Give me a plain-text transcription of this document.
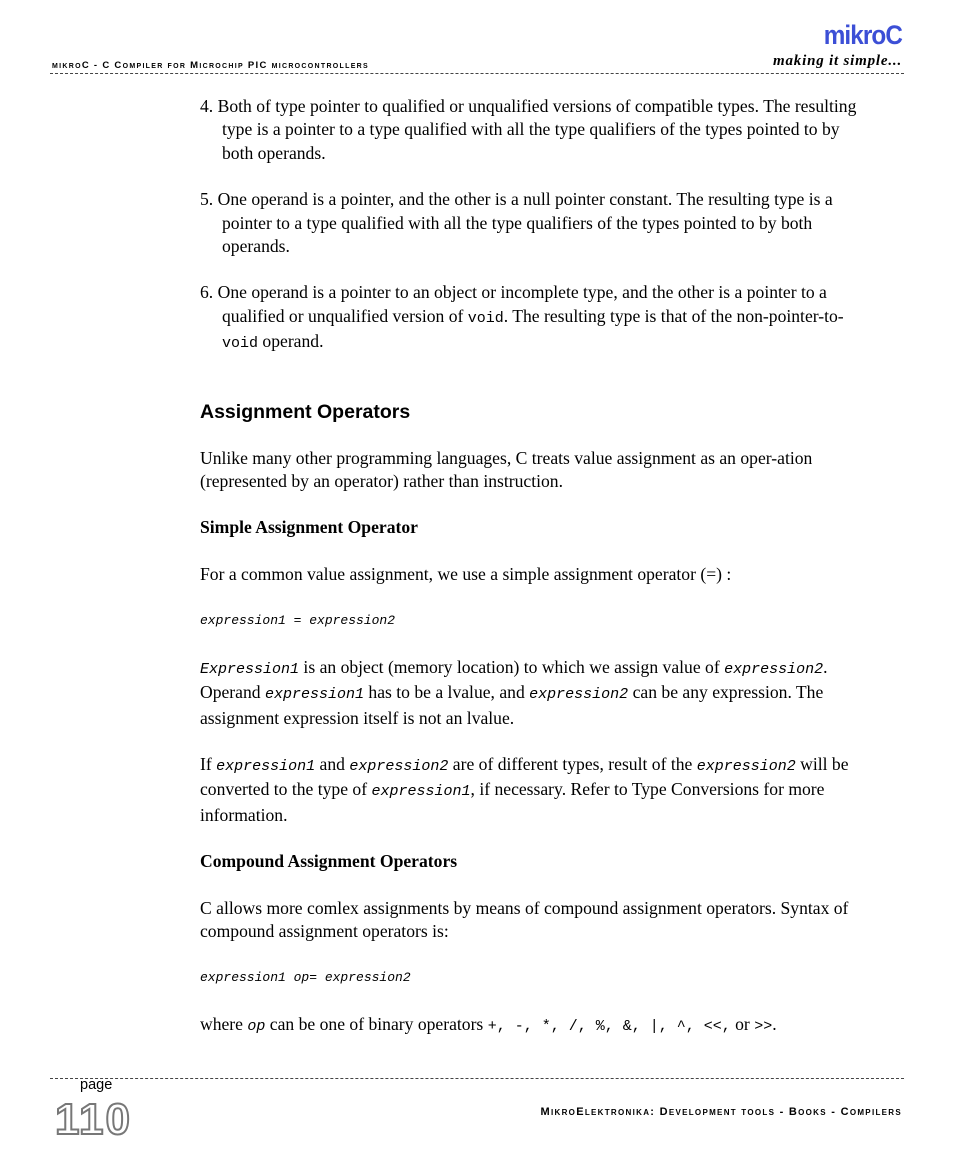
mikroC - C Compiler for Microchip PIC microcontrollers
mikroC
making it simple...

4. Both of type pointer to qualified or unqualified versions of compatible types. The resulting type is a pointer to a type qualified with all the type qualifiers of the types pointed to by both operands.

5. One operand is a pointer, and the other is a null pointer constant. The resulting type is a pointer to a type qualified with all the type qualifiers of the types pointed to by both operands.

6. One operand is a pointer to an object or incomplete type, and the other is a pointer to a qualified or unqualified version of void. The resulting type is that of the non-pointer-to-void operand.

Assignment Operators

Unlike many other programming languages, C treats value assignment as an oper-ation (represented by an operator) rather than instruction.

Simple Assignment Operator

For a common value assignment, we use a simple assignment operator (=) :

expression1 = expression2

Expression1 is an object (memory location) to which we assign value of expression2. Operand expression1 has to be a lvalue, and expression2 can be any expression. The assignment expression itself is not an lvalue.

If expression1 and expression2 are of different types, result of the expression2 will be converted to the type of expression1, if necessary. Refer to Type Conversions for more information.

Compound Assignment Operators

C allows more comlex assignments by means of compound assignment operators. Syntax of compound assignment operators is:

expression1 op= expression2

where op can be one of binary operators +, -, *, /, %, &, |, ^, <<, or >>.

page
110	MikroElektronika: Development tools - Books - Compilers
